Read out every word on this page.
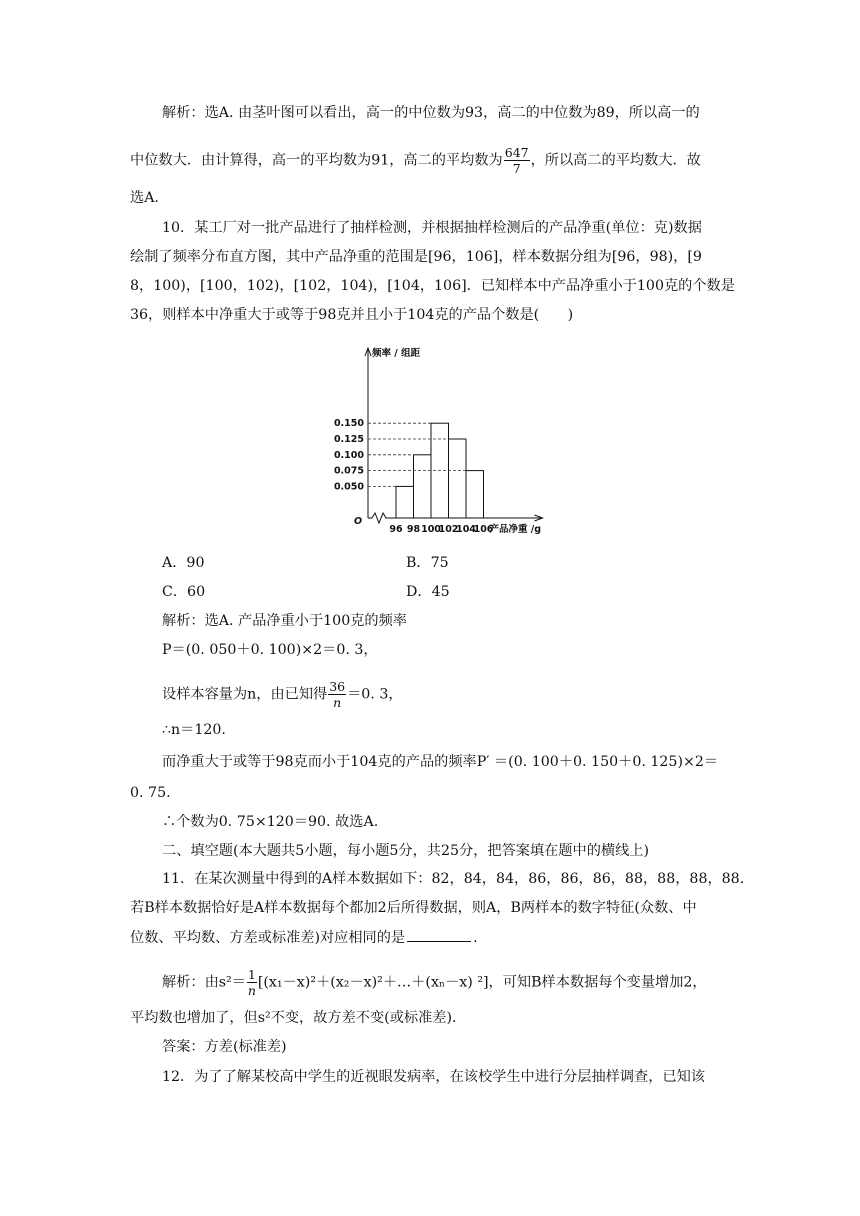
解析：选A. 由茎叶图可以看出，高一的中位数为93，高二的中位数为89，所以高一的
中位数大．由计算得，高一的平均数为91，高二的平均数为 $\frac{647}{7}$ ，所以高二的平均数大．故
选A.
10．某工厂对一批产品进行了抽样检测，并根据抽样检测后的产品净重(单位：克)数据
绘制了频率分布直方图，其中产品净重的范围是[96，106]，样本数据分组为[96，98)，[9
8，100)，[100，102)，[102，104)，[104，106]．已知样本中产品净重小于100克的个数是
36，则样本中净重大于或等于98克并且小于104克的产品个数是(　　)
频率 / 组距
O
0.050
0.075
0.100
0.125
0.150
96 98 100
102
104
106
产品净重 /g
A．90	B．75
C．60	D．45
解析：选A. 产品净重小于100克的频率
P＝(0. 050＋0. 100)×2＝0. 3，
设样本容量为n，由已知得 $\frac{36}{n} =0$. 3，
∴n＝120.
而净重大于或等于98克而小于104克的产品的频率P′ ＝(0. 100＋0. 150＋0. 125)×2＝
0. 75.
∴个数为0. 75×120＝90. 故选A.
二、填空题(本大题共5小题，每小题5分，共25分，把答案填在题中的横线上)
11．在某次测量中得到的A样本数据如下：82，84，84，86，86，86，88，88，88，88.
若B样本数据恰好是A样本数据每个都加2后所得数据，则A，B两样本的数字特征(众数、中
位数、平均数、方差或标准差)对应相同的是	.
解析：由$s^2= \frac{1}{n}$ [(x₁－x)²＋(x₂－x)²＋…＋(xₙ－x) ²]，可知B样本数据每个变量增加2，
平均数也增加了，但s²不变，故方差不变(或标准差)．
答案：方差(标准差)
12．为了了解某校高中学生的近视眼发病率，在该校学生中进行分层抽样调查，已知该
